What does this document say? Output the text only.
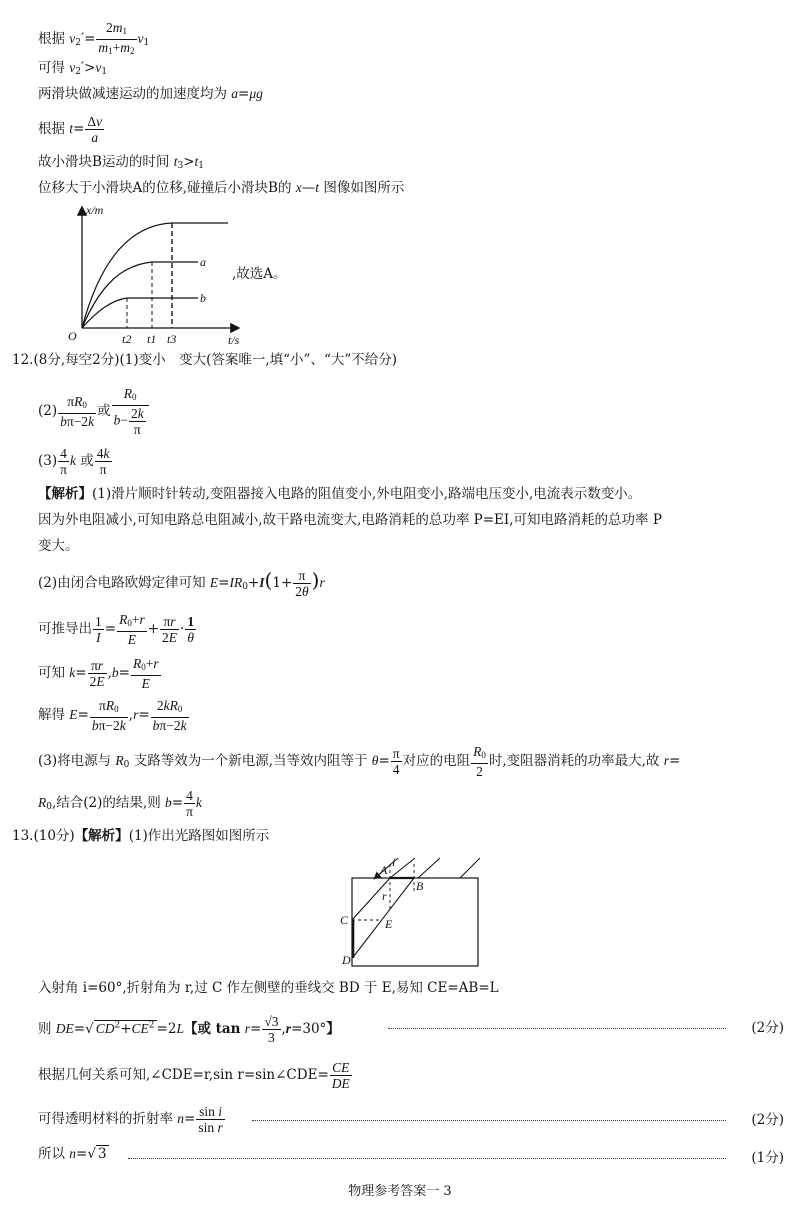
根据 $v_2'= \frac{2m_1}{m_1+m_2} v_1$
可得 $v_2'>v_1$
两滑块做减速运动的加速度均为 a=μg
根据 $t= \frac{\Delta v}{a}$
故小滑块B运动的时间 $t_3>t_1$
位移大于小滑块A的位移,碰撞后小滑块B的 x—t 图像如图所示
x/m
t/s
O
a
b
t2 t1 t3
,故选A。
12.(8分,每空2分)(1)变小　变大(答案唯一,填“小”、“大”不给分)
$(2) \frac{\pi R_0}{b\pi-2k}$ 或 $\frac{R_0}{b- \frac{2k}{\pi}}$
$(3) \frac{4}{\pi}$ k 或 $\frac{4k}{\pi}$
【解析】(1)滑片顺时针转动,变阻器接入电路的阻值变小,外电阻变小,路端电压变小,电流表示数变小。
因为外电阻减小,可知电路总电阻减小,故干路电流变大,电路消耗的总功率 P=EI,可知电路消耗的总功率 P
变大。
(2)由闭合电路欧姆定律可知 $E=IR_0+I(1+ \frac{\pi}{2\theta} )r$
可推导出 $\frac{1}{I} = \frac{R_0+r}{E} + \frac{\pi r}{2E} \cdot \frac{1}{\theta}$
可知 $k= \frac{\pi r}{2E} ,b= \frac{R_0+r}{E}$
解得 $E= \frac{\pi R_0}{b\pi-2k} ,r= \frac{2kR_0}{b\pi-2k}$
(3)将电源与 $R_0$ 支路等效为一个新电源,当等效内阻等于 $\theta= \frac{\pi}{4}$ 对应的电阻 $\frac{R_0}{2}$ 时,变阻器消耗的功率最大,故 r=
$R_0$,结合(2)的结果,则 $b= \frac{4}{\pi}$ k
13.(10分)【解析】(1)作出光路图如图所示
A
B
C
D
E
i
r
入射角 i=60°,折射角为 r,过 C 作左侧壁的垂线交 BD 于 E,易知 CE=AB=L
则 DE=√ $CD^2+CE^2 =2L$【或 $\tan r= \frac{√3}{3} ,r=30^\circ$】	(2分)
根据几何关系可知,∠CDE=r,sin r=sin∠CDE= $\frac{CE}{DE}$
可得透明材料的折射率 $n= \frac{\text{sin i}}{\text{sin r}}$	(2分)
所以 n=√ 3	(1分)
物理参考答案一 3
